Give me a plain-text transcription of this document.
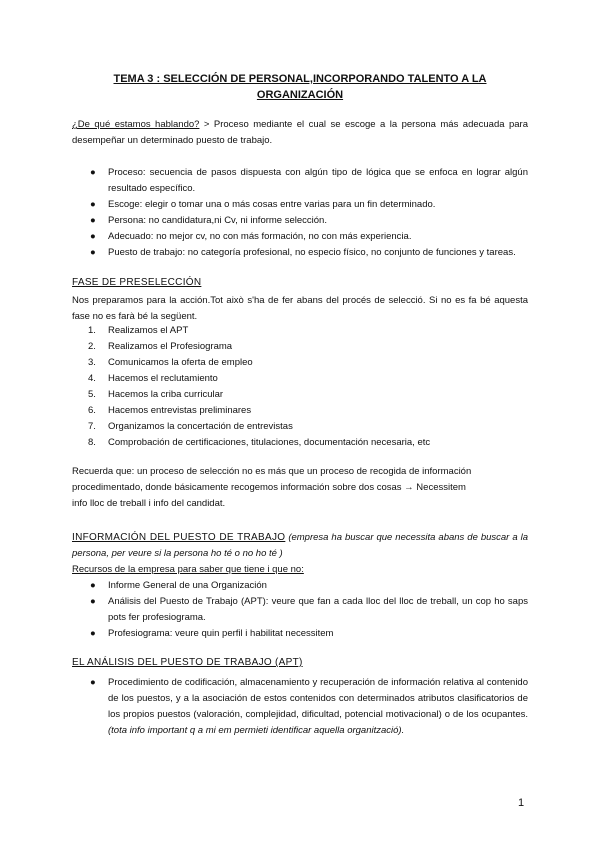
TEMA 3 : SELECCIÓN DE PERSONAL,INCORPORANDO TALENTO A LA ORGANIZACIÓN
¿De qué estamos hablando? > Proceso mediante el cual se escoge a la persona más adecuada para desempeñar un determinado puesto de trabajo.
● Proceso: secuencia de pasos dispuesta con algún tipo de lógica que se enfoca en lograr algún resultado específico.
● Escoge: elegir o tomar una o más cosas entre varias para un fin determinado.
● Persona: no candidatura,ni Cv, ni informe selección.
● Adecuado: no mejor cv, no con más formación, no con más experiencia.
● Puesto de trabajo: no categoría profesional, no especio físico, no conjunto de funciones y tareas.
FASE DE PRESELECCIÓN
Nos preparamos para la acción.Tot això s'ha de fer abans del procés de selecció. Si no es fa bé aquesta fase no es farà bé la següent.
1. Realizamos el APT
2. Realizamos el Profesiograma
3. Comunicamos la oferta de empleo
4. Hacemos el reclutamiento
5. Hacemos la criba curricular
6. Hacemos entrevistas preliminares
7. Organizamos la concertación de entrevistas
8. Comprobación de certificaciones, titulaciones, documentación necesaria, etc
Recuerda que: un proceso de selección no es más que un proceso de recogida de información procedimentado, donde básicamente recogemos información sobre dos cosas → Necessitem info lloc de treball i info del candidat.
INFORMACIÓN DEL PUESTO DE TRABAJO (empresa ha buscar que necessita abans de buscar a la persona, per veure si la persona ho té o no ho té )
Recursos de la empresa para saber que tiene i que no:
● Informe General de una Organización
● Análisis del Puesto de Trabajo (APT): veure que fan a cada lloc del lloc de treball, un cop ho saps pots fer profesiograma.
● Profesiograma: veure quin perfil i habilitat necessitem
EL ANÁLISIS DEL PUESTO DE TRABAJO (APT)
● Procedimiento de codificación, almacenamiento y recuperación de información relativa al contenido de los puestos, y a la asociación de estos contenidos con determinados atributos clasificatorios de los propios puestos (valoración, complejidad, dificultad, potencial motivacional) o de los ocupantes. (tota info important q a mi em permieti identificar aquella organització).
1
